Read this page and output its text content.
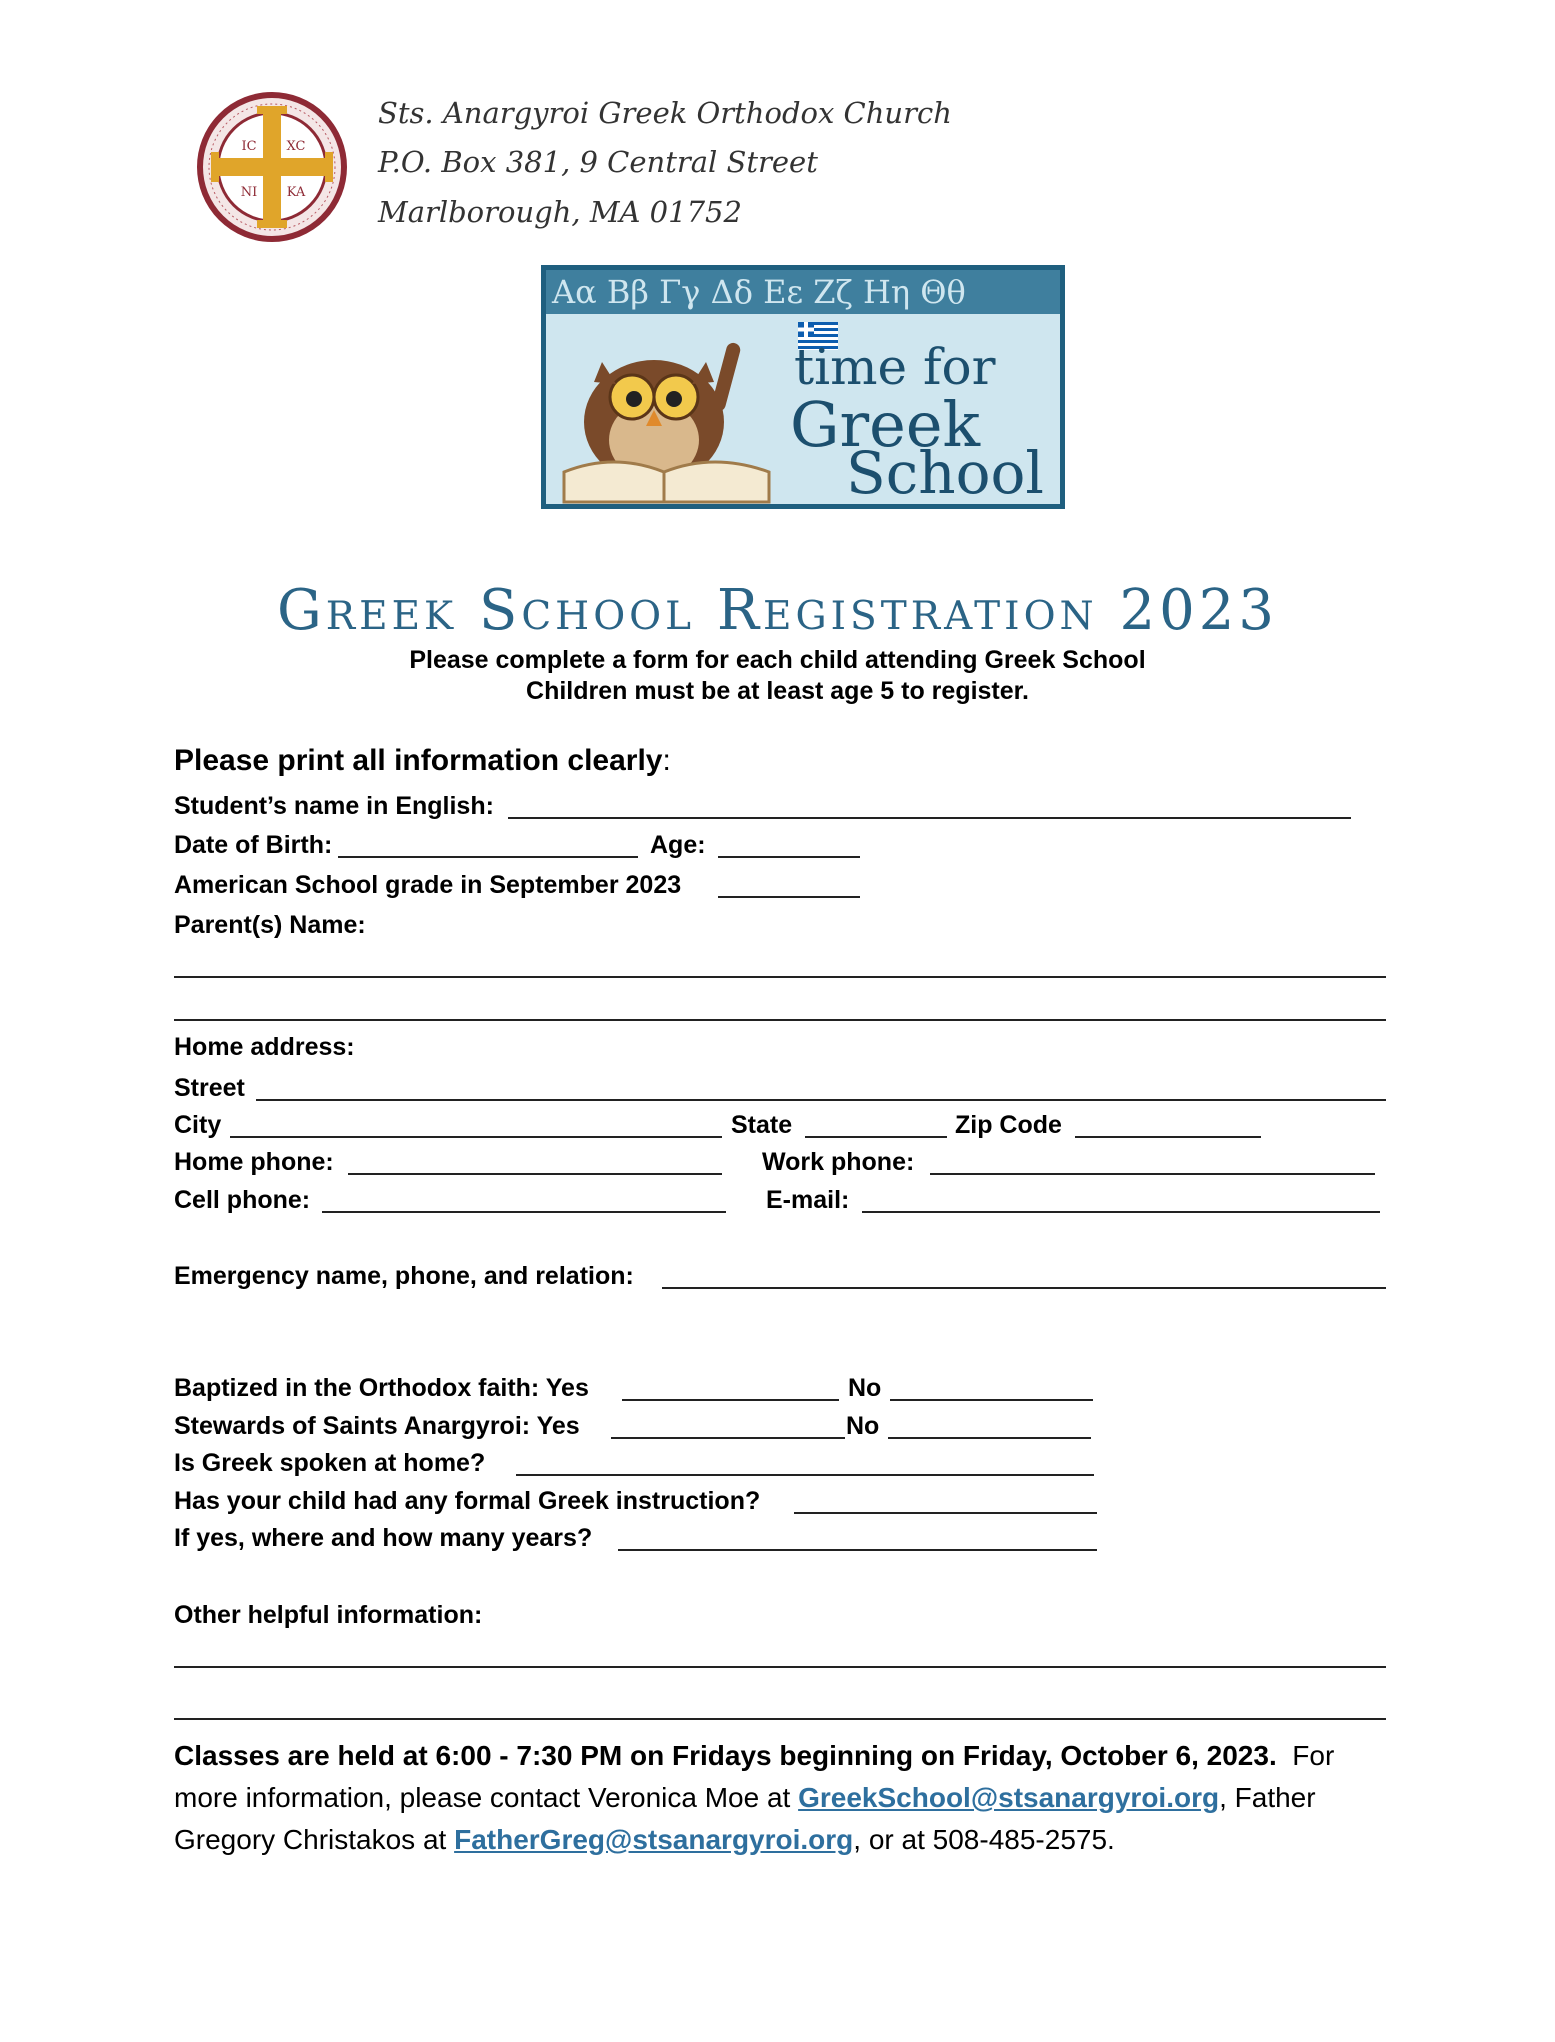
IC XC
NI KA
Sts. Anargyroi Greek Orthodox Church
P.O. Box 381, 9 Central Street
Marlborough, MA 01752
Αα Ββ Γγ Δδ Εε Ζζ Ηη Θθ
time for
Greek
School
Greek School Registration 2023
Please complete a form for each child attending Greek School
Children must be at least age 5 to register.
Please print all information clearly:
Student’s name in English:
Date of Birth:	Age:
American School grade in September 2023
Parent(s) Name:
Home address:
Street
City	State	Zip Code
Home phone:	Work phone:
Cell phone:	E-mail:
Emergency name, phone, and relation:
Baptized in the Orthodox faith: Yes	No
Stewards of Saints Anargyroi: Yes	No
Is Greek spoken at home?
Has your child had any formal Greek instruction?
If yes, where and how many years?
Other helpful information:
Classes are held at 6:00 - 7:30 PM on Fridays beginning on Friday, October 6, 2023.  For more information, please contact Veronica Moe at GreekSchool@stsanargyroi.org, Father Gregory Christakos at FatherGreg@stsanargyroi.org, or at 508-485-2575.
